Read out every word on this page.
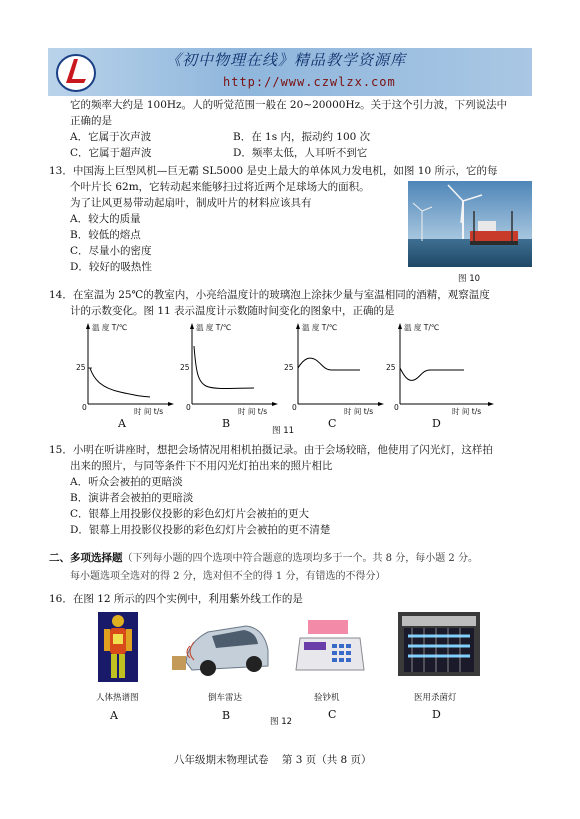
《初中物理在线》精品教学资源库
http://www.czwlzx.com
它的频率大约是 100Hz。人的听觉范围一般在 20~20000Hz。关于这个引力波，下列说法中
正确的是
A．它属于次声波	B．在 1s 内，振动约 100 次
C．它属于超声波	D．频率太低，人耳听不到它
13．中国海上巨型风机—巨无霸 SL5000 是史上最大的单体风力发电机，如图 10 所示，它的每
个叶片长 62m，它转动起来能够扫过将近两个足球场大的面积。
为了让风更易带动起扇叶，制成叶片的材料应该具有
A．较大的质量
B．较低的熔点
C．尽量小的密度
D．较好的吸热性
图 10
14．在室温为 25℃的教室内，小亮给温度计的玻璃泡上涂抹少量与室温相同的酒精，观察温度
计的示数变化。图 11 表示温度计示数随时间变化的图象中，正确的是
温 度 T/℃
25
0	时 间 t/s
A
温 度 T/℃
25
0	时 间 t/s
B
温 度 T/℃
25
0	时 间 t/s
C
温 度 T/℃
25
0	时 间 t/s
D
图 11
15．小明在听讲座时，想把会场情况用相机拍摄记录。由于会场较暗，他使用了闪光灯，这样拍
出来的照片，与同等条件下不用闪光灯拍出来的照片相比
A．听众会被拍的更暗淡
B．演讲者会被拍的更暗淡
C．银幕上用投影仪投影的彩色幻灯片会被拍的更大
D．银幕上用投影仪投影的彩色幻灯片会被拍的更不清楚
二、多项选择题（下列每小题的四个选项中符合题意的选项均多于一个。共 8 分，每小题 2 分。
每小题选项全选对的得 2 分，选对但不全的得 1 分，有错选的不得分）
16．在图 12 所示的四个实例中，利用紫外线工作的是
人体热谱图	倒车雷达	验钞机	医用杀菌灯
A	B	C	D
图 12
八年级期末物理试卷    第 3 页（共 8 页）
